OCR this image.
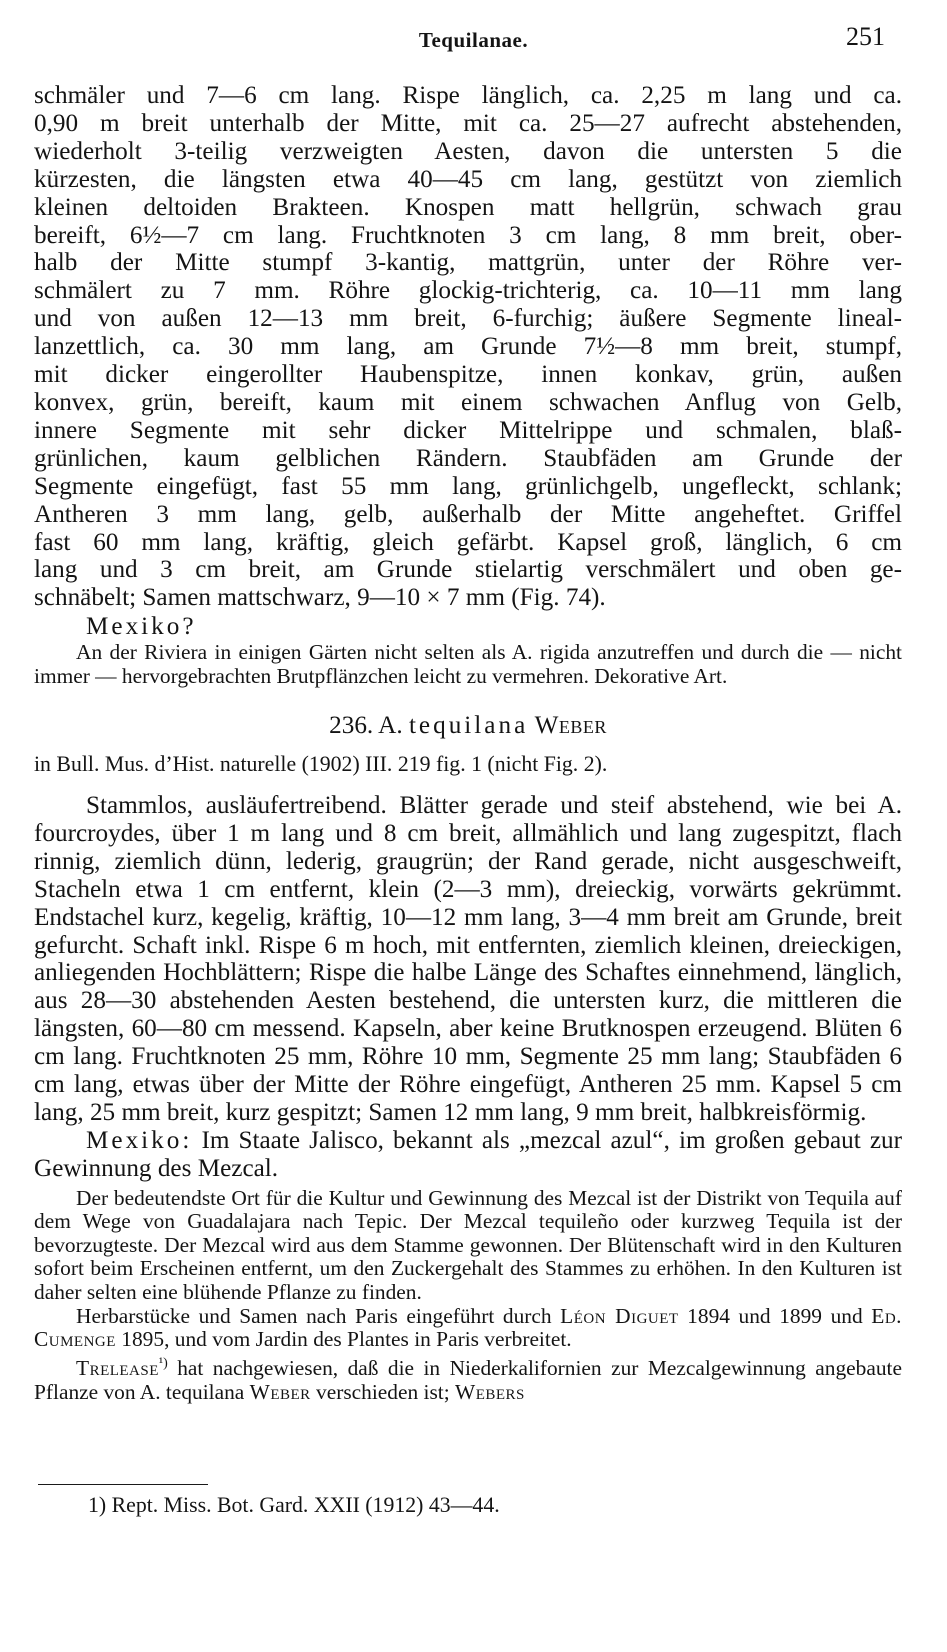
Tequilanae.	251
schmäler und 7—6 cm lang. Rispe länglich, ca. 2,25 m lang und ca.
0,90 m breit unterhalb der Mitte, mit ca. 25—27 aufrecht abstehenden,
wiederholt 3-teilig verzweigten Aesten, davon die untersten 5 die
kürzesten, die längsten etwa 40—45 cm lang, gestützt von ziemlich
kleinen deltoiden Brakteen. Knospen matt hellgrün, schwach grau
bereift, 6½—7 cm lang. Fruchtknoten 3 cm lang, 8 mm breit, ober-
halb der Mitte stumpf 3-kantig, mattgrün, unter der Röhre ver-
schmälert zu 7 mm. Röhre glockig-trichterig, ca. 10—11 mm lang
und von außen 12—13 mm breit, 6-furchig; äußere Segmente lineal-
lanzettlich, ca. 30 mm lang, am Grunde 7½—8 mm breit, stumpf,
mit dicker eingerollter Haubenspitze, innen konkav, grün, außen
konvex, grün, bereift, kaum mit einem schwachen Anflug von Gelb,
innere Segmente mit sehr dicker Mittelrippe und schmalen, blaß-
grünlichen, kaum gelblichen Rändern. Staubfäden am Grunde der
Segmente eingefügt, fast 55 mm lang, grünlichgelb, ungefleckt, schlank;
Antheren 3 mm lang, gelb, außerhalb der Mitte angeheftet. Griffel
fast 60 mm lang, kräftig, gleich gefärbt. Kapsel groß, länglich, 6 cm
lang und 3 cm breit, am Grunde stielartig verschmälert und oben ge-
schnäbelt; Samen mattschwarz, 9—10 × 7 mm (Fig. 74).

Mexiko?

An der Riviera in einigen Gärten nicht selten als A. rigida anzutreffen und durch die — nicht immer — hervorgebrachten Brutpflänzchen leicht zu vermehren. Dekorative Art.

236. A. tequilana Weber

in Bull. Mus. d’Hist. naturelle (1902) III. 219 fig. 1 (nicht Fig. 2).

Stammlos, ausläufertreibend. Blätter gerade und steif abstehend, wie bei A. fourcroydes, über 1 m lang und 8 cm breit, allmählich und lang zugespitzt, flach rinnig, ziemlich dünn, lederig, graugrün; der Rand gerade, nicht ausgeschweift, Stacheln etwa 1 cm entfernt, klein (2—3 mm), dreieckig, vorwärts gekrümmt. Endstachel kurz, kegelig, kräftig, 10—12 mm lang, 3—4 mm breit am Grunde, breit gefurcht. Schaft inkl. Rispe 6 m hoch, mit entfernten, ziemlich kleinen, dreieckigen, anliegenden Hochblättern; Rispe die halbe Länge des Schaftes einnehmend, länglich, aus 28—30 abstehenden Aesten bestehend, die untersten kurz, die mittleren die längsten, 60—80 cm messend. Kapseln, aber keine Brutknospen erzeugend. Blüten 6 cm lang. Fruchtknoten 25 mm, Röhre 10 mm, Segmente 25 mm lang; Staubfäden 6 cm lang, etwas über der Mitte der Röhre eingefügt, Antheren 25 mm. Kapsel 5 cm lang, 25 mm breit, kurz gespitzt; Samen 12 mm lang, 9 mm breit, halbkreisförmig.

Mexiko: Im Staate Jalisco, bekannt als „mezcal azul“, im großen gebaut zur Gewinnung des Mezcal.

Der bedeutendste Ort für die Kultur und Gewinnung des Mezcal ist der Distrikt von Tequila auf dem Wege von Guadalajara nach Tepic. Der Mezcal tequileño oder kurzweg Tequila ist der bevorzugteste. Der Mezcal wird aus dem Stamme gewonnen. Der Blütenschaft wird in den Kulturen sofort beim Erscheinen entfernt, um den Zuckergehalt des Stammes zu erhöhen. In den Kulturen ist daher selten eine blühende Pflanze zu finden.

Herbarstücke und Samen nach Paris eingeführt durch Léon Diguet 1894 und 1899 und Ed. Cumenge 1895, und vom Jardin des Plantes in Paris verbreitet.

Trelease$^{^1)}$ hat nachgewiesen, daß die in Niederkalifornien zur Mezcalgewinnung angebaute Pflanze von A. tequilana Weber verschieden ist; Webers

1) Rept. Miss. Bot. Gard. XXII (1912) 43—44.
